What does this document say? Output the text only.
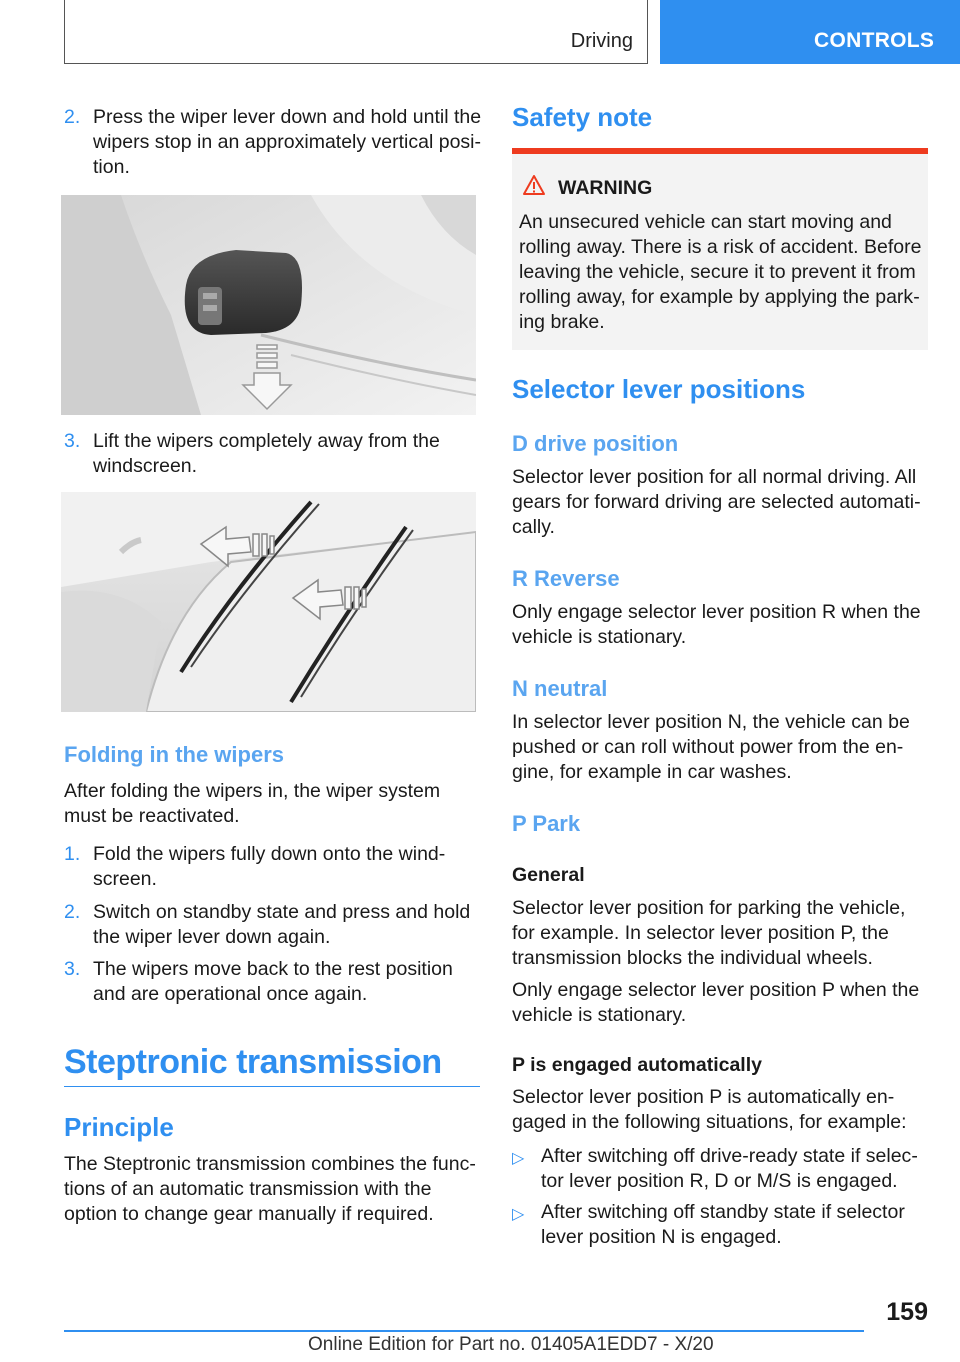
Driving	CONTROLS
2. Press the wiper lever down and hold until the wipers stop in an approximately vertical position.
3. Lift the wipers completely away from the windscreen.
Folding in the wipers
After folding the wipers in, the wiper system must be reactivated.
1. Fold the wipers fully down onto the windscreen.
2. Switch on standby state and press and hold the wiper lever down again.
3. The wipers move back to the rest position and are operational once again.
Steptronic transmission
Principle
The Steptronic transmission combines the functions of an automatic transmission with the option to change gear manually if required.
Safety note
WARNING
An unsecured vehicle can start moving and rolling away. There is a risk of accident. Before leaving the vehicle, secure it to prevent it from rolling away, for example by applying the parking brake.
Selector lever positions
D drive position
Selector lever position for all normal driving. All gears for forward driving are selected automatically.
R Reverse
Only engage selector lever position R when the vehicle is stationary.
N neutral
In selector lever position N, the vehicle can be pushed or can roll without power from the engine, for example in car washes.
P Park
General
Selector lever position for parking the vehicle, for example. In selector lever position P, the transmission blocks the individual wheels.
Only engage selector lever position P when the vehicle is stationary.
P is engaged automatically
Selector lever position P is automatically engaged in the following situations, for example:
▷ After switching off drive-ready state if selector lever position R, D or M/S is engaged.
▷ After switching off standby state if selector lever position N is engaged.
159
Online Edition for Part no. 01405A1EDD7 - X/20
